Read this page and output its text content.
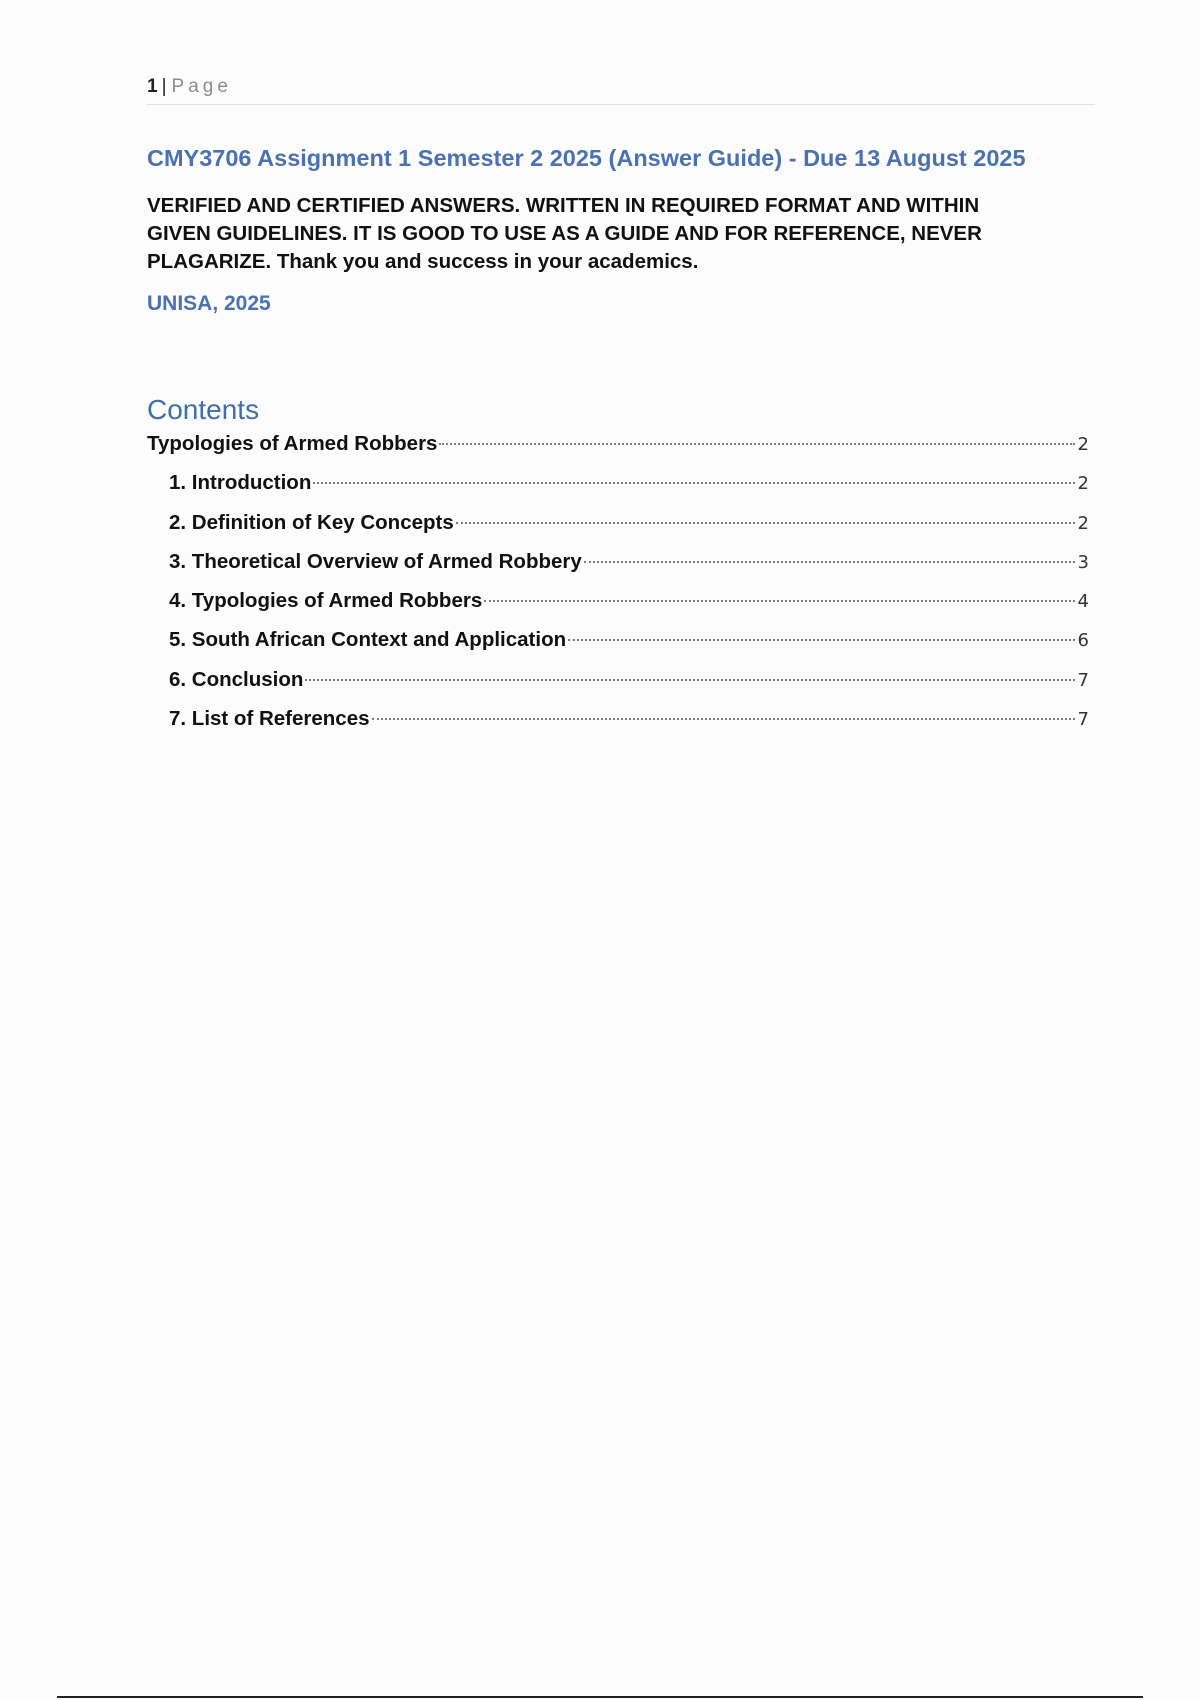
1 | Page
CMY3706 Assignment 1 Semester 2 2025 (Answer Guide) - Due 13 August 2025
VERIFIED AND CERTIFIED ANSWERS. WRITTEN IN REQUIRED FORMAT AND WITHIN
GIVEN GUIDELINES. IT IS GOOD TO USE AS A GUIDE AND FOR REFERENCE, NEVER
PLAGARIZE. Thank you and success in your academics.
UNISA, 2025
Contents
Typologies of Armed Robbers	2
1. Introduction	2
2. Definition of Key Concepts	2
3. Theoretical Overview of Armed Robbery	3
4. Typologies of Armed Robbers	4
5. South African Context and Application	6
6. Conclusion	7
7. List of References	7
